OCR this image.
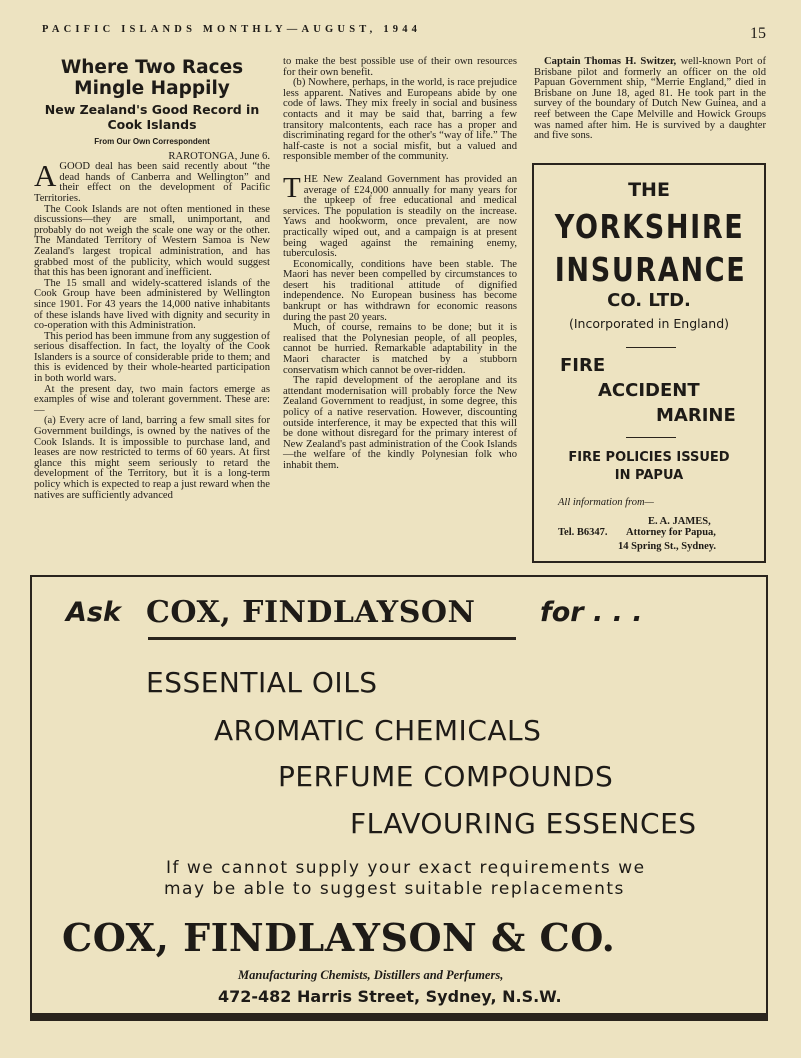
PACIFIC ISLANDS MONTHLY—AUGUST, 1944	15
Where Two Races Mingle Happily
New Zealand's Good Record in Cook Islands
From Our Own Correspondent

RAROTONGA, June 6.

AGOOD deal has been said recently about “the dead hands of Canberra and Wellington” and their effect on the development of Pacific Territories.

The Cook Islands are not often mentioned in these discussions—they are small, unimportant, and probably do not weigh the scale one way or the other. The Mandated Territory of Western Samoa is New Zealand's largest tropical administration, and has grabbed most of the publicity, which would suggest that this has been ignorant and inefficient.

The 15 small and widely-scattered islands of the Cook Group have been administered by Wellington since 1901. For 43 years the 14,000 native inhabitants of these islands have lived with dignity and security in co-operation with this Administration.

This period has been immune from any suggestion of serious disaffection. In fact, the loyalty of the Cook Islanders is a source of considerable pride to them; and this is evidenced by their whole-hearted participation in both world wars.

At the present day, two main factors emerge as examples of wise and tolerant government. These are:—

(a) Every acre of land, barring a few small sites for Government buildings, is owned by the natives of the Cook Islands. It is impossible to purchase land, and leases are now restricted to terms of 60 years. At first glance this might seem seriously to retard the development of the Territory, but it is a long-term policy which is expected to reap a just reward when the natives are sufficiently advanced

to make the best possible use of their own resources for their own benefit.

(b) Nowhere, perhaps, in the world, is race prejudice less apparent. Natives and Europeans abide by one code of laws. They mix freely in social and business contacts and it may be said that, barring a few transitory malcontents, each race has a proper and discriminating regard for the other's “way of life.” The half-caste is not a social misfit, but a valued and responsible member of the community.

THE New Zealand Government has provided an average of £24,000 annually for many years for the upkeep of free educational and medical services. The population is steadily on the increase. Yaws and hookworm, once prevalent, are now practically wiped out, and a campaign is at present being waged against the remaining enemy, tuberculosis.

Economically, conditions have been stable. The Maori has never been compelled by circumstances to desert his traditional attitude of dignified independence. No European business has become bankrupt or has withdrawn for economic reasons during the past 20 years.

Much, of course, remains to be done; but it is realised that the Polynesian people, of all peoples, cannot be hurried. Remarkable adaptability in the Maori character is matched by a stubborn conservatism which cannot be over-ridden.

The rapid development of the aeroplane and its attendant modernisation will probably force the New Zealand Government to readjust, in some degree, this policy of a native reservation. However, discounting outside interference, it may be expected that this will be done without disregard for the primary interest of New Zealand's past administration of the Cook Islands—the welfare of the kindly Polynesian folk who inhabit them.

Captain Thomas H. Switzer, well-known Port of Brisbane pilot and formerly an officer on the old Papuan Government ship, “Merrie England,” died in Brisbane on June 18, aged 81. He took part in the survey of the boundary of Dutch New Guinea, and a reef between the Cape Melville and Howick Groups was named after him. He is survived by a daughter and five sons.

THE
YORKSHIRE
INSURANCE
CO. LTD.
(Incorporated in England)
FIRE
ACCIDENT
MARINE
FIRE POLICIES ISSUED
IN PAPUA
All information from—
E. A. JAMES,
Tel. B6347. Attorney for Papua,
14 Spring St., Sydney.
Ask COX, FINDLAYSON for . . .
ESSENTIAL OILS
AROMATIC CHEMICALS
PERFUME COMPOUNDS
FLAVOURING ESSENCES
If we cannot supply your exact requirements we
may be able to suggest suitable replacements
COX, FINDLAYSON & CO.
Manufacturing Chemists, Distillers and Perfumers,
472-482 Harris Street, Sydney, N.S.W.
